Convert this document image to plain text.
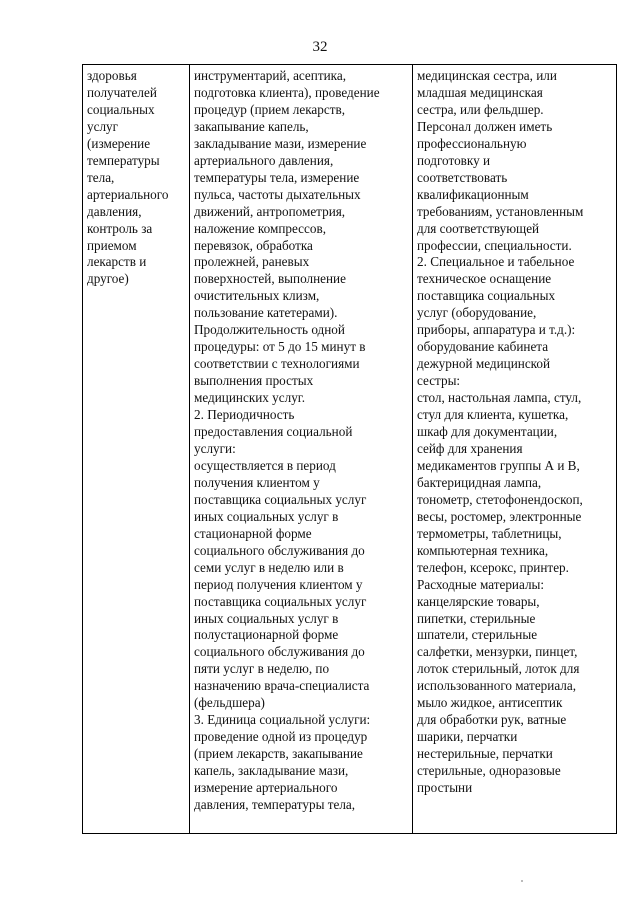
32
здоровья
получателей
социальных
услуг
(измерение
температуры
тела,
артериального
давления,
контроль за
приемом
лекарств и
другое)

инструментарий, асептика,
подготовка клиента), проведение
процедур (прием лекарств,
закапывание капель,
закладывание мази, измерение
артериального давления,
температуры тела, измерение
пульса, частоты дыхательных
движений, антропометрия,
наложение компрессов,
перевязок, обработка
пролежней, раневых
поверхностей, выполнение
очистительных клизм,
пользование катетерами).
Продолжительность одной
процедуры: от 5 до 15 минут в
соответствии с технологиями
выполнения простых
медицинских услуг.
2. Периодичность
предоставления социальной
услуги:
осуществляется в период
получения клиентом у
поставщика социальных услуг
иных социальных услуг в
стационарной форме
социального обслуживания до
семи услуг в неделю или в
период получения клиентом у
поставщика социальных услуг
иных социальных услуг в
полустационарной форме
социального обслуживания до
пяти услуг в неделю, по
назначению врача-специалиста
(фельдшера)
3. Единица социальной услуги:
проведение одной из процедур
(прием лекарств, закапывание
капель, закладывание мази,
измерение артериального
давления, температуры тела,

медицинская сестра, или
младшая медицинская
сестра, или фельдшер.
Персонал должен иметь
профессиональную
подготовку и
соответствовать
квалификационным
требованиям, установленным
для соответствующей
профессии, специальности.
2. Специальное и табельное
техническое оснащение
поставщика социальных
услуг (оборудование,
приборы, аппаратура и т.д.):
оборудование кабинета
дежурной медицинской
сестры:
стол, настольная лампа, стул,
стул для клиента, кушетка,
шкаф для документации,
сейф для хранения
медикаментов группы А и В,
бактерицидная лампа,
тонометр, стетофонендоскоп,
весы, ростомер, электронные
термометры, таблетницы,
компьютерная техника,
телефон, ксерокс, принтер.
Расходные материалы:
канцелярские товары,
пипетки, стерильные
шпатели, стерильные
салфетки, мензурки, пинцет,
лоток стерильный, лоток для
использованного материала,
мыло жидкое, антисептик
для обработки рук, ватные
шарики, перчатки
нестерильные, перчатки
стерильные, одноразовые
простыни
